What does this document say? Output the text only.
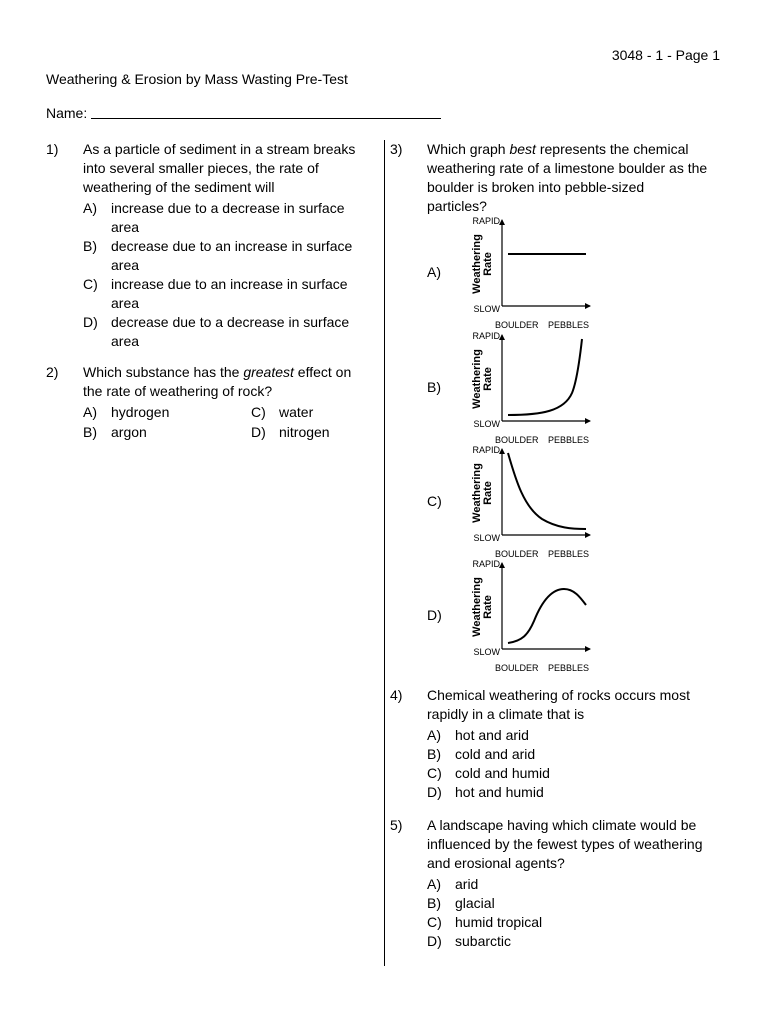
3048 - 1 - Page 1
Weathering & Erosion by Mass Wasting Pre-Test
Name:
1) As a particle of sediment in a stream breaks
into several smaller pieces, the rate of
weathering of the sediment will
A) increase due to a decrease in surface
area
B) decrease due to an increase in surface
area
C) increase due to an increase in surface
area
D) decrease due to a decrease in surface
area
2) Which substance has the greatest effect on
the rate of weathering of rock?
A) hydrogen	C) water
B) argon	D) nitrogen
3) Which graph best represents the chemical
weathering rate of a limestone boulder as the
boulder is broken into pebble-sized
particles?
A)
RAPID
SLOW
BOULDER PEBBLES
WeatheringRate
B)
RAPID
SLOW
BOULDER PEBBLES
WeatheringRate
C)
RAPID
SLOW
BOULDER PEBBLES
WeatheringRate
D)
RAPID
SLOW
BOULDER PEBBLES
WeatheringRate
4) Chemical weathering of rocks occurs most
rapidly in a climate that is
A) hot and arid
B) cold and arid
C) cold and humid
D) hot and humid
5) A landscape having which climate would be
influenced by the fewest types of weathering
and erosional agents?
A) arid
B) glacial
C) humid tropical
D) subarctic
